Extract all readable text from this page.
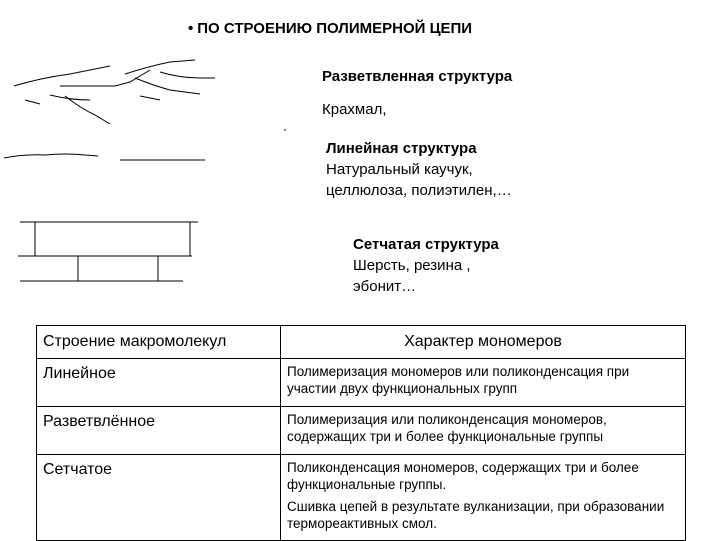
• ПО СТРОЕНИЮ ПОЛИМЕРНОЙ ЦЕПИ
Разветвленная структура
Крахмал,
Линейная структура
Натуральный каучук,
целлюлоза, полиэтилен,…
Сетчатая структура
Шерсть, резина ,
эбонит…
Строение макромолекул	Характер мономеров
Линейное	Полимеризация мономеров или поликонденсация при участии двух функциональных групп
Разветвлённое	Полимеризация или поликонденсация мономеров, содержащих три и более функциональные группы
Сетчатое	Поликонденсация мономеров, содержащих три и более функциональные группы.
Сшивка цепей в результате вулканизации, при образовании термореактивных смол.
